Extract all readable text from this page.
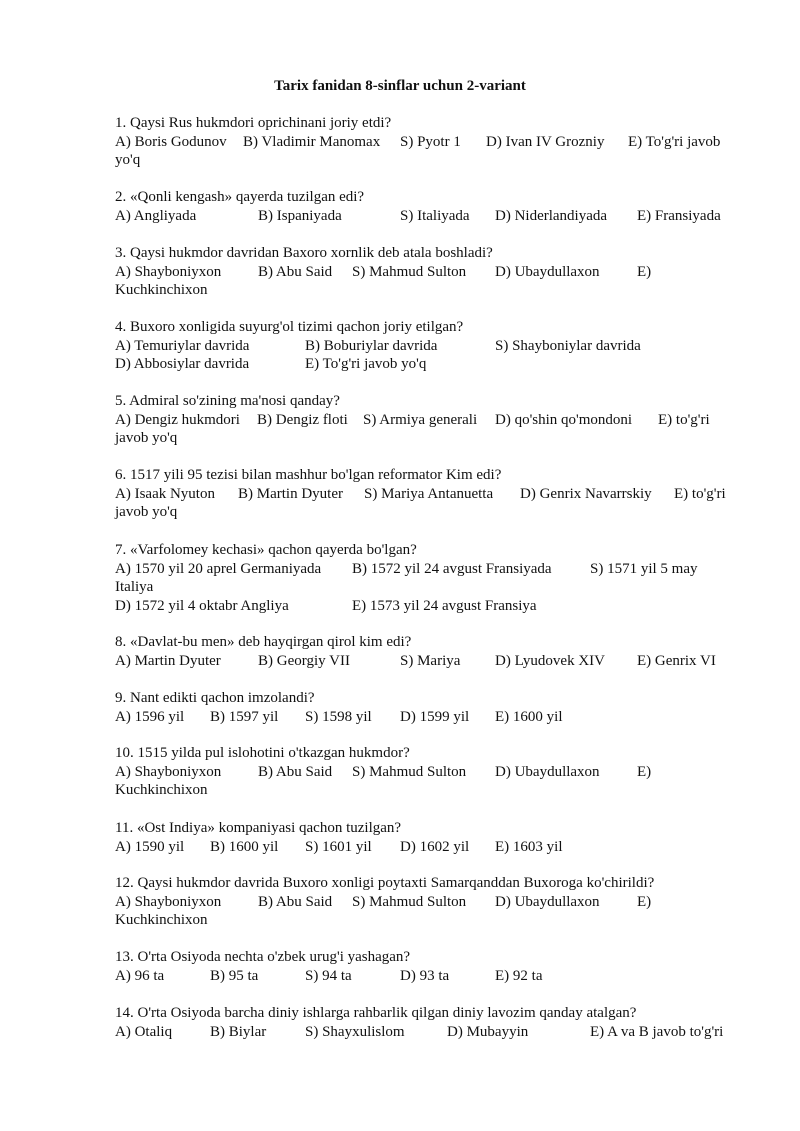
Tarix fanidan 8-sinflar uchun 2-variant
1. Qaysi Rus hukmdori oprichinani joriy etdi?
A) Boris Godunov B) Vladimir Manomax S) Pyotr 1 D) Ivan IV Grozniy E) To'g'ri javob
yo'q
2. «Qonli kengash» qayerda tuzilgan edi?
A) Angliyada	B) Ispaniyada	S) Italiyada D) Niderlandiyada E) Fransiyada
3. Qaysi hukmdor davridan Baxoro xornlik deb atala boshladi?
A) Shayboniyxon B) Abu Said S) Mahmud Sulton D) Ubaydullaxon E)
Kuchkinchixon
4. Buxoro xonligida suyurg'ol tizimi qachon joriy etilgan?
A) Temuriylar davrida	B) Boburiylar davrida	S) Shayboniylar davrida
D) Abbosiylar davrida	E) To'g'ri javob yo'q
5. Admiral so'zining ma'nosi qanday?
A) Dengiz hukmdori B) Dengiz floti S) Armiya generali D) qo'shin qo'mondoni E) to'g'ri
javob yo'q
6. 1517 yili 95 tezisi bilan mashhur bo'lgan reformator Kim edi?
A) Isaak Nyuton B) Martin Dyuter S) Mariya Antanuetta D) Genrix Navarrskiy E) to'g'ri
javob yo'q
7. «Varfolomey kechasi» qachon qayerda bo'lgan?
A) 1570 yil 20 aprel Germaniyada B) 1572 yil 24 avgust Fransiyada	S) 1571 yil 5 may
Italiya
D) 1572 yil 4 oktabr Angliya	E) 1573 yil 24 avgust Fransiya
8. «Davlat-bu men» deb hayqirgan qirol kim edi?
A) Martin Dyuter B) Georgiy VII	S) Mariya D) Lyudovek XIV E) Genrix VI
9. Nant edikti qachon imzolandi?
A) 1596 yil B) 1597 yil S) 1598 yil D) 1599 yil E) 1600 yil
10. 1515 yilda pul islohotini o'tkazgan hukmdor?
A) Shayboniyxon B) Abu Said S) Mahmud Sulton D) Ubaydullaxon E)
Kuchkinchixon
11. «Ost Indiya» kompaniyasi qachon tuzilgan?
A) 1590 yil B) 1600 yil S) 1601 yil D) 1602 yil E) 1603 yil
12. Qaysi hukmdor davrida Buxoro xonligi poytaxti Samarqanddan Buxoroga ko'chirildi?
A) Shayboniyxon B) Abu Said S) Mahmud Sulton D) Ubaydullaxon E)
Kuchkinchixon
13. O'rta Osiyoda nechta o'zbek urug'i yashagan?
A) 96 ta	B) 95 ta	S) 94 ta	D) 93 ta	E) 92 ta
14. O'rta Osiyoda barcha diniy ishlarga rahbarlik qilgan diniy lavozim qanday atalgan?
A) Otaliq	B) Biylar	S) Shayxulislom	D) Mubayyin	E) A va B javob to'g'ri
